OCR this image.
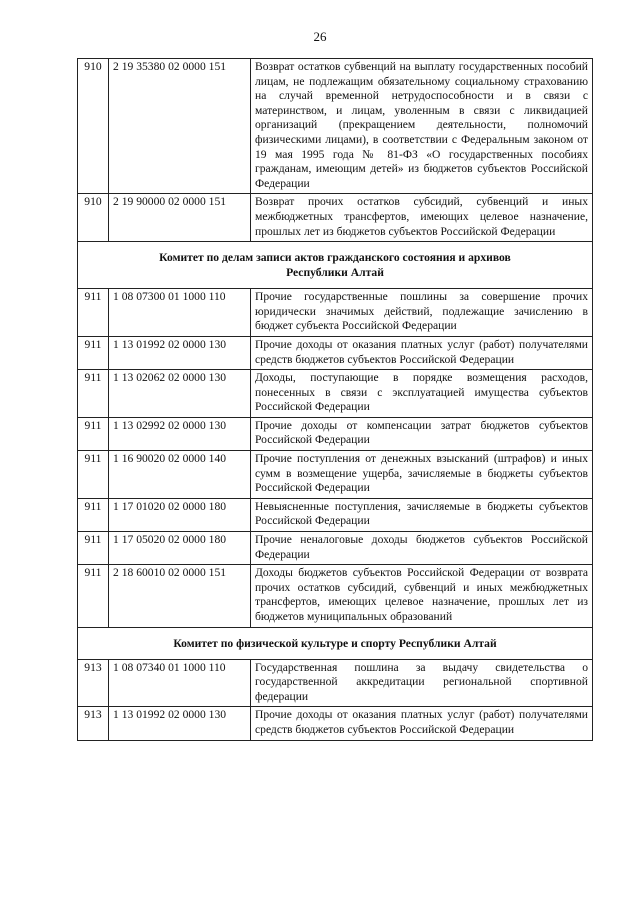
26
910	2 19 35380 02 0000 151	Возврат остатков субвенций на выплату государственных пособий лицам, не подлежащим обязательному социальному страхованию на случай временной нетрудоспособности и в связи с материнством, и лицам, уволенным в связи с ликвидацией организаций (прекращением деятельности, полномочий физическими лицами), в соответствии с Федеральным законом от 19 мая 1995 года № 81-ФЗ «О государственных пособиях гражданам, имеющим детей» из бюджетов субъектов Российской Федерации
910	2 19 90000 02 0000 151	Возврат прочих остатков субсидий, субвенций и иных межбюджетных трансфертов, имеющих целевое назначение, прошлых лет из бюджетов субъектов Российской Федерации

Комитет по делам записи актов гражданского состояния и архивов
Республики Алтай		

911	1 08 07300 01 1000 110	Прочие государственные пошлины за совершение прочих юридически значимых действий, подлежащие зачислению в бюджет субъекта Российской Федерации
911	1 13 01992 02 0000 130	Прочие доходы от оказания платных услуг (работ) получателями средств бюджетов субъектов Российской Федерации
911	1 13 02062 02 0000 130	Доходы, поступающие в порядке возмещения расходов, понесенных в связи с эксплуатацией имущества субъектов Российской Федерации
911	1 13 02992 02 0000 130	Прочие доходы от компенсации затрат бюджетов субъектов Российской Федерации
911	1 16 90020 02 0000 140	Прочие поступления от денежных взысканий (штрафов) и иных сумм в возмещение ущерба, зачисляемые в бюджеты субъектов Российской Федерации
911	1 17 01020 02 0000 180	Невыясненные поступления, зачисляемые в бюджеты субъектов Российской Федерации
911	1 17 05020 02 0000 180	Прочие неналоговые доходы бюджетов субъектов Российской Федерации
911	2 18 60010 02 0000 151	Доходы бюджетов субъектов Российской Федерации от возврата прочих остатков субсидий, субвенций и иных межбюджетных трансфертов, имеющих целевое назначение, прошлых лет из бюджетов муниципальных образований

Комитет по физической культуре и спорту Республики Алтай		

913	1 08 07340 01 1000 110	Государственная пошлина за выдачу свидетельства о государственной аккредитации региональной спортивной федерации
913	1 13 01992 02 0000 130	Прочие доходы от оказания платных услуг (работ) получателями средств бюджетов субъектов Российской Федерации
